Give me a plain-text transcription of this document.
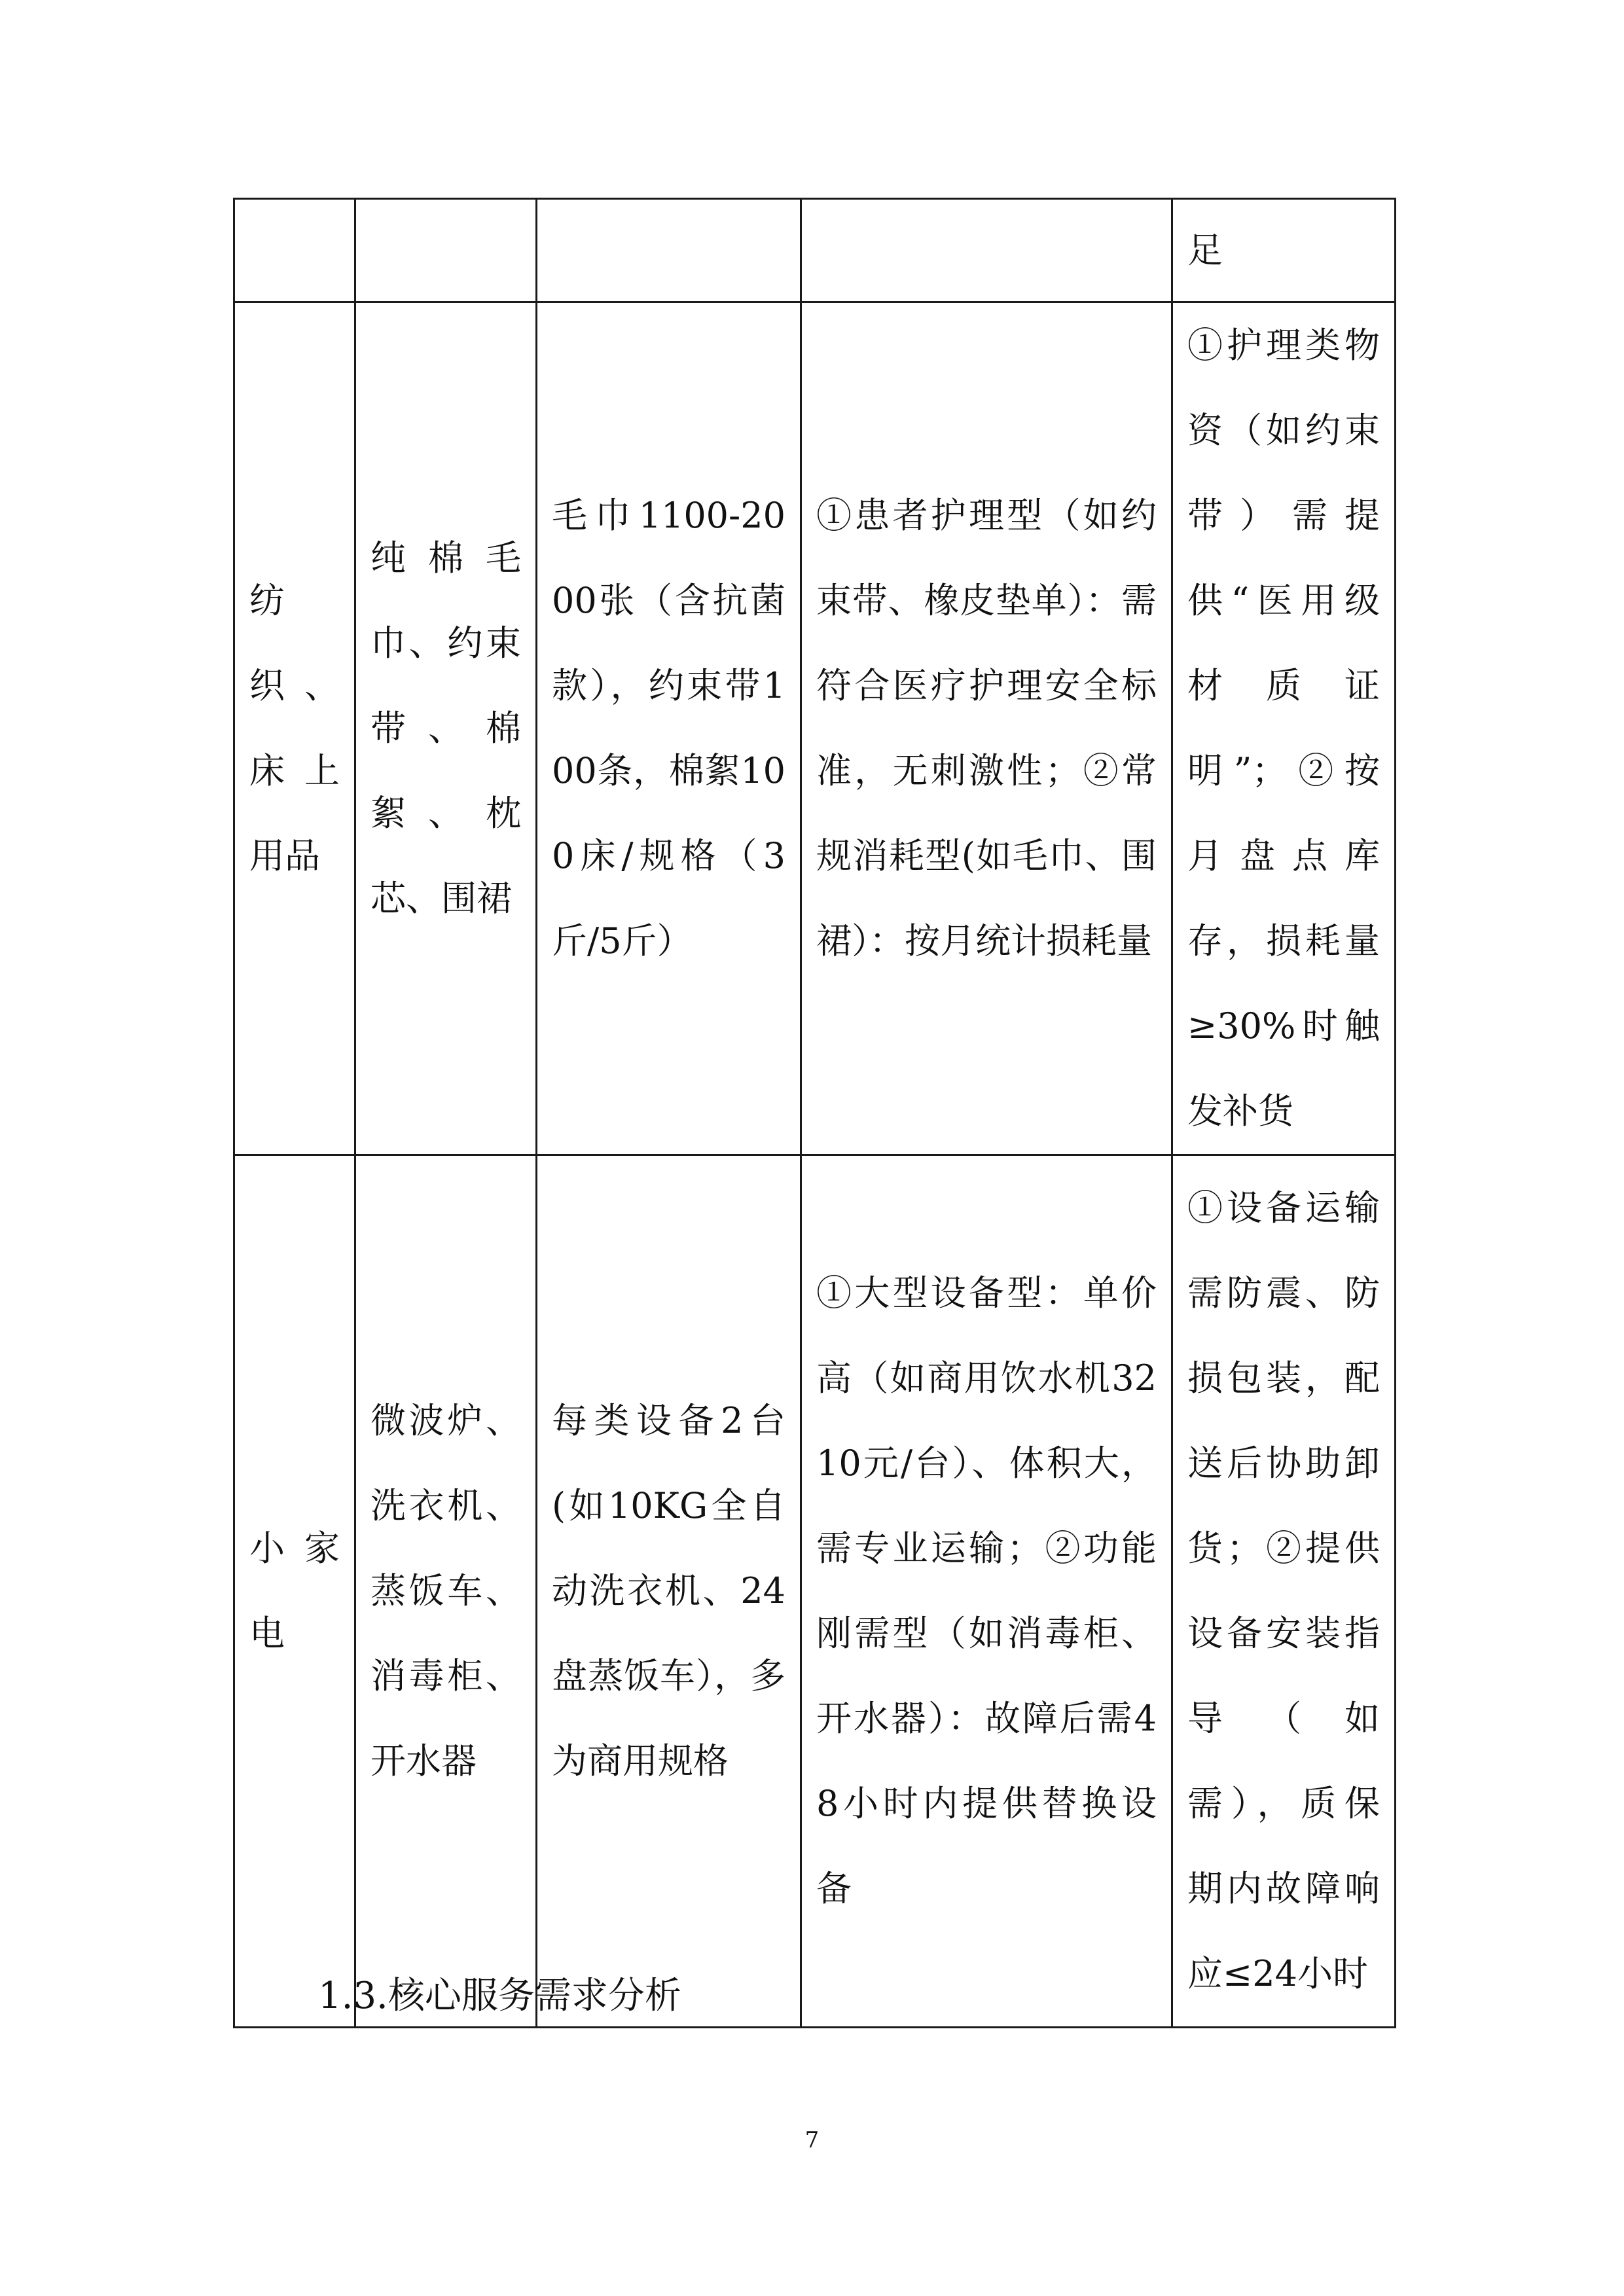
				足

纺织、床上用品	纯棉毛巾、约束带、棉絮、枕芯、围裙	毛巾1100-2000张（含抗菌款），约束带100条，棉絮100床/规格（3斤/5斤）	①患者护理型（如约束带、橡皮垫单）：需符合医疗护理安全标准，无刺激性；②常规消耗型(如毛巾、围裙）：按月统计损耗量	①护理类物资（如约束带）需提供“医用级材质证明”；②按月盘点库存，损耗量≥30%时触发补货

小家电	微波炉、洗衣机、蒸饭车、消毒柜、开水器	每类设备2台(如10KG全自动洗衣机、24盘蒸饭车），多为商用规格	①大型设备型：单价高（如商用饮水机3210元/台）、体积大，需专业运输；②功能刚需型（如消毒柜、开水器）：故障后需48小时内提供替换设备	①设备运输需防震、防损包装，配送后协助卸货；②提供设备安装指导（如需），质保期内故障响应≤24小时
1.3.核心服务需求分析
7
